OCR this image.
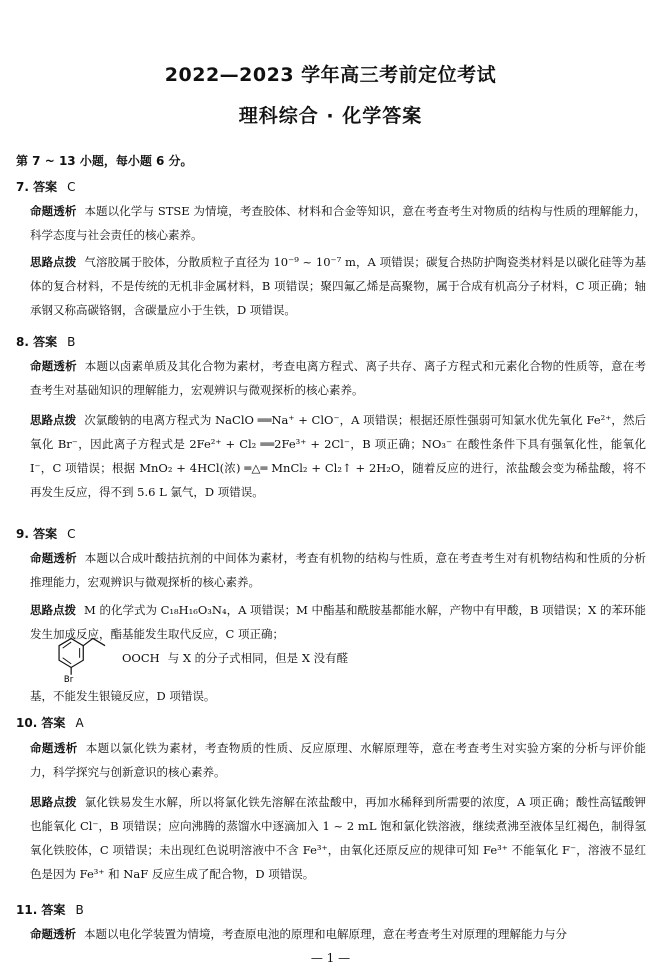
2022—2023 学年高三考前定位考试
理科综合 · 化学答案
第 7 ~ 13 小题，每小题 6 分。
7. 答案 C
命题透析 本题以化学与 STSE 为情境，考查胶体、材料和合金等知识，意在考查考生对物质的结构与性质的理解能力，科学态度与社会责任的核心素养。
思路点拨 气溶胶属于胶体，分散质粒子直径为 10⁻⁹ ~ 10⁻⁷ m，A 项错误；碳复合热防护陶瓷类材料是以碳化硅等为基体的复合材料，不是传统的无机非金属材料，B 项错误；聚四氟乙烯是高聚物，属于合成有机高分子材料，C 项正确；轴承钢又称高碳铬钢，含碳量应小于生铁，D 项错误。
8. 答案 B
命题透析 本题以卤素单质及其化合物为素材，考查电离方程式、离子共存、离子方程式和元素化合物的性质等，意在考查考生对基础知识的理解能力，宏观辨识与微观探析的核心素养。
思路点拨 次氯酸钠的电离方程式为 NaClO ══Na⁺ + ClO⁻，A 项错误；根据还原性强弱可知氯水优先氧化 Fe²⁺，然后氧化 Br⁻，因此离子方程式是 2Fe²⁺ + Cl₂ ══2Fe³⁺ + 2Cl⁻，B 项正确；NO₃⁻ 在酸性条件下具有强氧化性，能氧化 I⁻，C 项错误；根据 MnO₂ + 4HCl(浓) ═△═ MnCl₂ + Cl₂↑ + 2H₂O，随着反应的进行，浓盐酸会变为稀盐酸，将不再发生反应，得不到 5.6 L 氯气，D 项错误。
9. 答案 C
命题透析 本题以合成叶酸拮抗剂的中间体为素材，考查有机物的结构与性质，意在考查考生对有机物结构和性质的分析推理能力，宏观辨识与微观探析的核心素养。
思路点拨 M 的化学式为 C₁₈H₁₆O₃N₄，A 项错误；M 中酯基和酰胺基都能水解，产物中有甲酸，B 项错误；X 的苯环能发生加成反应，酯基能发生取代反应，C 项正确；
Br
OOCH 与 X 的分子式相同，但是 X 没有醛
基，不能发生银镜反应，D 项错误。
10. 答案 A
命题透析 本题以氯化铁为素材，考查物质的性质、反应原理、水解原理等，意在考查考生对实验方案的分析与评价能力，科学探究与创新意识的核心素养。
思路点拨 氯化铁易发生水解，所以将氯化铁先溶解在浓盐酸中，再加水稀释到所需要的浓度，A 项正确；酸性高锰酸钾也能氧化 Cl⁻，B 项错误；应向沸腾的蒸馏水中逐滴加入 1 ~ 2 mL 饱和氯化铁溶液，继续煮沸至液体呈红褐色，制得氢氧化铁胶体，C 项错误；未出现红色说明溶液中不含 Fe³⁺，由氧化还原反应的规律可知 Fe³⁺ 不能氧化 F⁻，溶液不显红色是因为 Fe³⁺ 和 NaF 反应生成了配合物，D 项错误。
11. 答案 B
命题透析 本题以电化学装置为情境，考查原电池的原理和电解原理，意在考查考生对原理的理解能力与分
— 1 —
